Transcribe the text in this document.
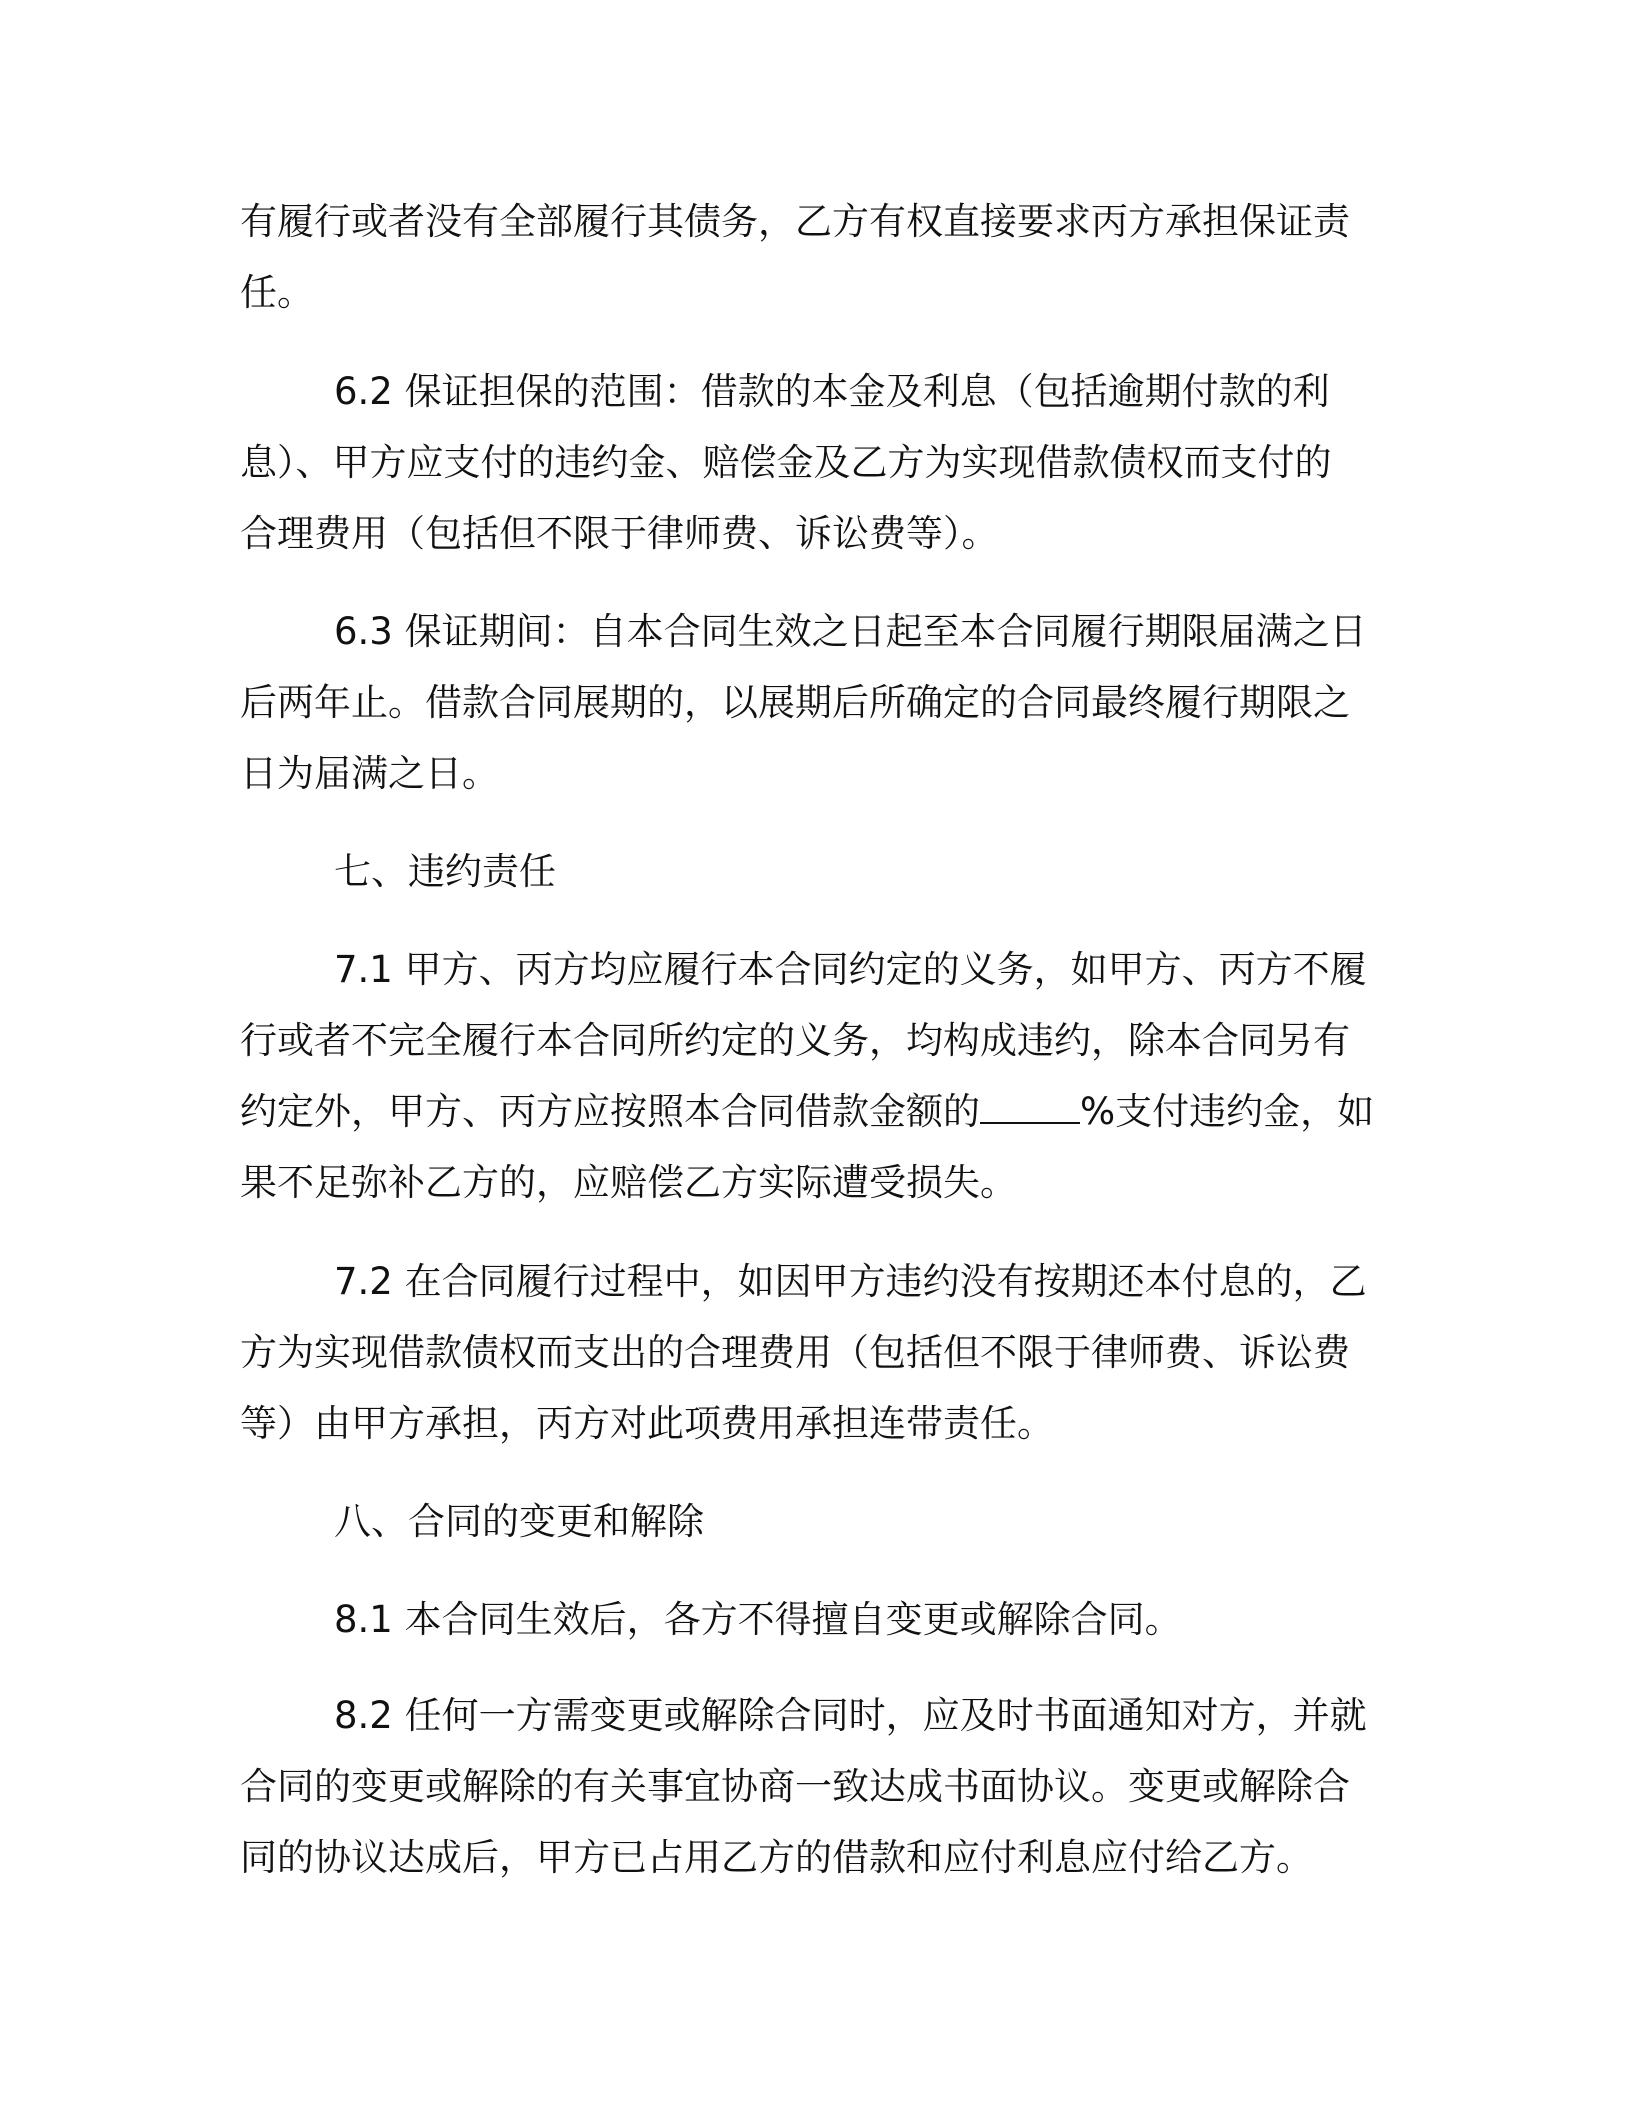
有履行或者没有全部履行其债务，乙方有权直接要求丙方承担保证责
任。
6.2 保证担保的范围：借款的本金及利息（包括逾期付款的利
息）、甲方应支付的违约金、赔偿金及乙方为实现借款债权而支付的
合理费用（包括但不限于律师费、诉讼费等）。
6.3 保证期间：自本合同生效之日起至本合同履行期限届满之日
后两年止。借款合同展期的，以展期后所确定的合同最终履行期限之
日为届满之日。
七、违约责任
7.1 甲方、丙方均应履行本合同约定的义务，如甲方、丙方不履
行或者不完全履行本合同所约定的义务，均构成违约，除本合同另有
约定外，甲方、丙方应按照本合同借款金额的	%支付违约金，如
果不足弥补乙方的，应赔偿乙方实际遭受损失。
7.2 在合同履行过程中，如因甲方违约没有按期还本付息的，乙
方为实现借款债权而支出的合理费用（包括但不限于律师费、诉讼费
等）由甲方承担，丙方对此项费用承担连带责任。
八、合同的变更和解除
8.1 本合同生效后，各方不得擅自变更或解除合同。
8.2 任何一方需变更或解除合同时，应及时书面通知对方，并就
合同的变更或解除的有关事宜协商一致达成书面协议。变更或解除合
同的协议达成后，甲方已占用乙方的借款和应付利息应付给乙方。
